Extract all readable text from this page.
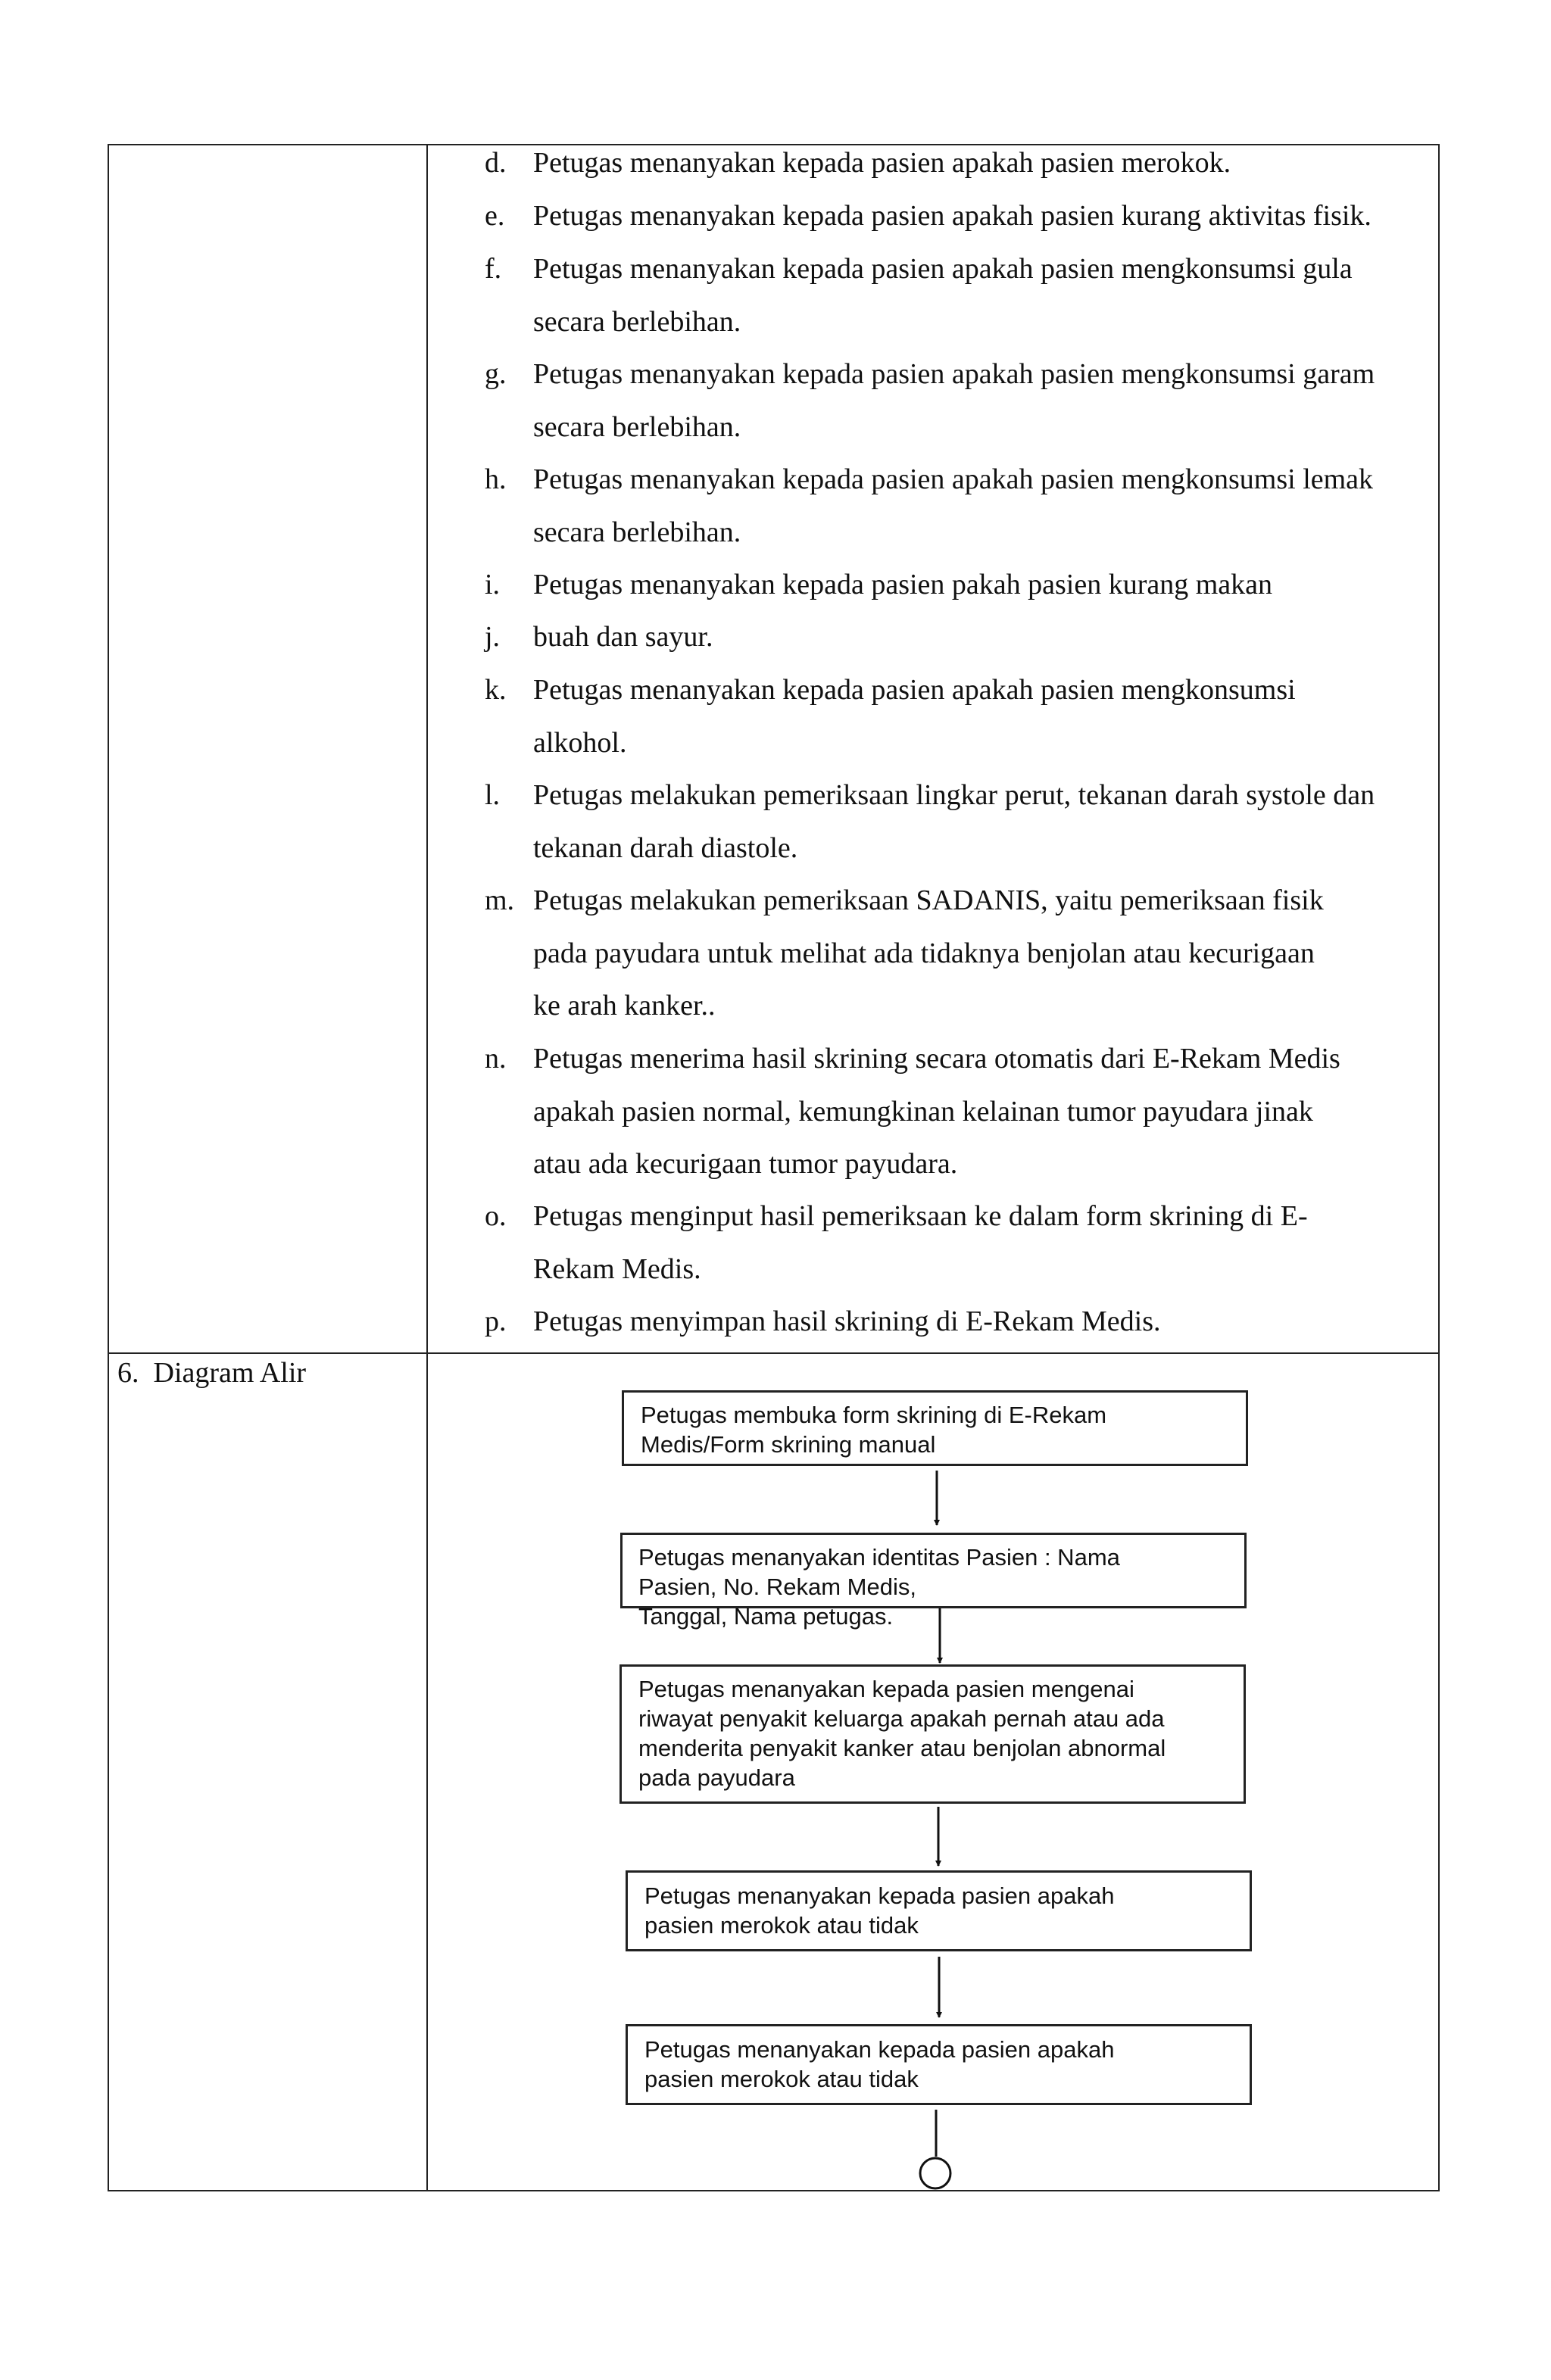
d. Petugas menanyakan kepada pasien apakah pasien merokok.
e. Petugas menanyakan kepada pasien apakah pasien kurang aktivitas fisik.
f.	Petugas menanyakan kepada pasien apakah pasien mengkonsumsi gula
secara berlebihan.
g. Petugas menanyakan kepada pasien apakah pasien mengkonsumsi garam
secara berlebihan.
h. Petugas menanyakan kepada pasien apakah pasien mengkonsumsi lemak
secara berlebihan.
i.	Petugas menanyakan kepada pasien pakah pasien kurang makan
j.	buah dan sayur.
k. Petugas menanyakan kepada pasien apakah pasien mengkonsumsi
alkohol.
l.	Petugas melakukan pemeriksaan lingkar perut, tekanan darah systole dan
tekanan darah diastole.
m. Petugas melakukan pemeriksaan SADANIS, yaitu pemeriksaan fisik
pada payudara untuk melihat ada tidaknya benjolan atau kecurigaan
ke arah kanker..
n. Petugas menerima hasil skrining secara otomatis dari E-Rekam Medis
apakah pasien normal, kemungkinan kelainan tumor payudara jinak
atau ada kecurigaan tumor payudara.
o. Petugas menginput hasil pemeriksaan ke dalam form skrining di E-
Rekam Medis.
p. Petugas menyimpan hasil skrining di E-Rekam Medis.
6. Diagram Alir
Petugas membuka form skrining di E-Rekam
Medis/Form skrining manual
Petugas menanyakan identitas Pasien : Nama
Pasien, No. Rekam Medis,
Tanggal, Nama petugas.
Petugas menanyakan kepada pasien mengenai
riwayat penyakit keluarga apakah pernah atau ada
menderita penyakit kanker atau benjolan abnormal
pada payudara
Petugas menanyakan kepada pasien apakah
pasien merokok atau tidak
Petugas menanyakan kepada pasien apakah
pasien merokok atau tidak
